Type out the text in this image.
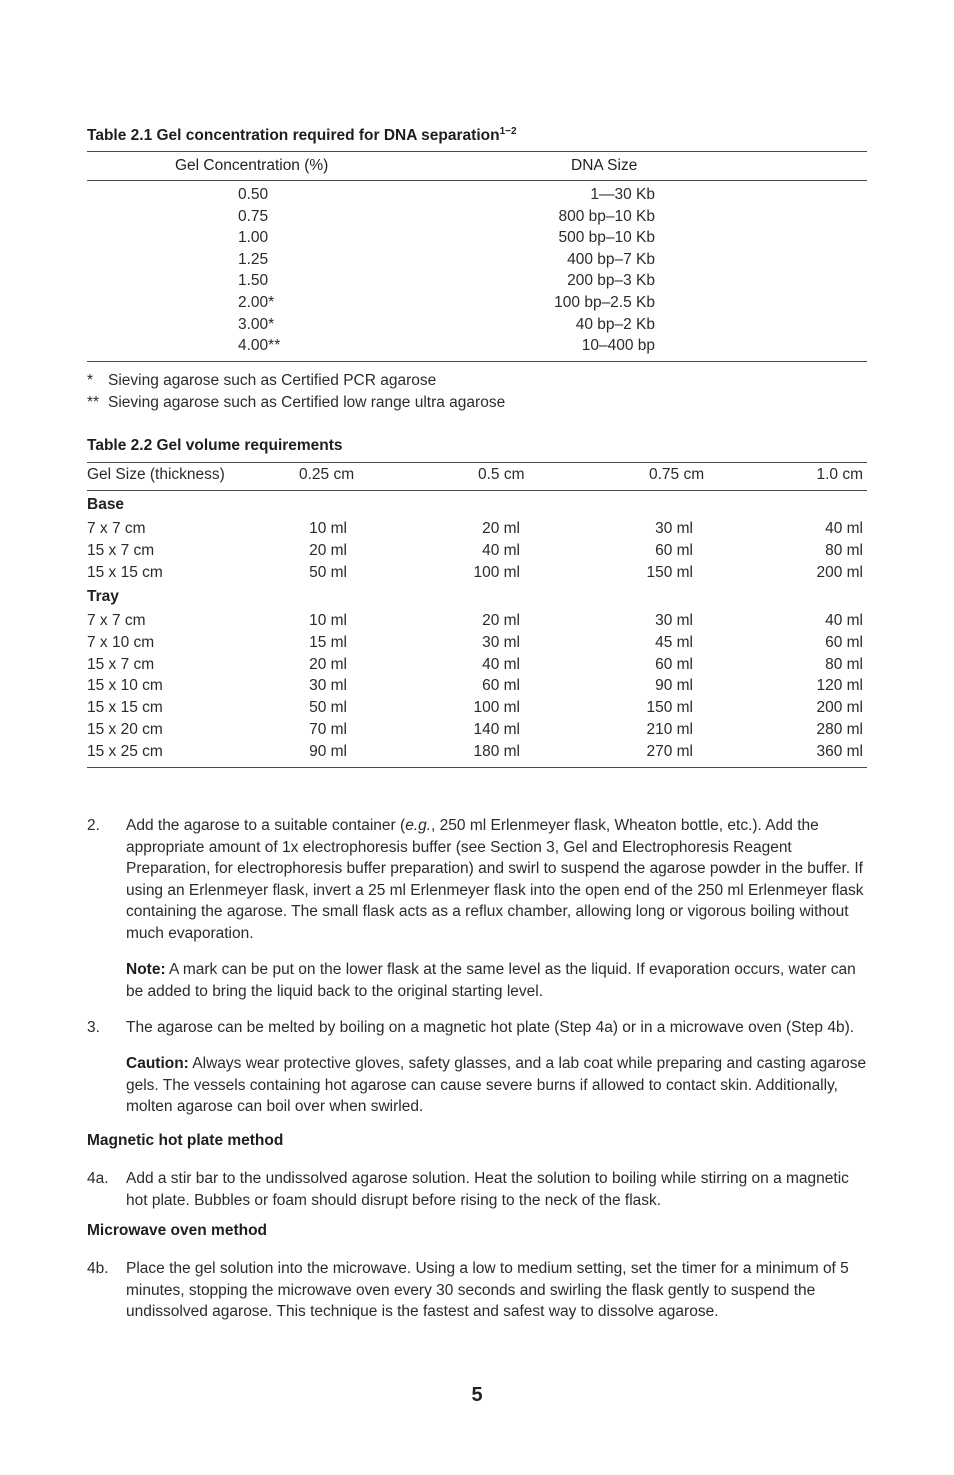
Table 2.1 Gel concentration required for DNA separation$^{1-2}$
Gel Concentration (%)	DNA Size
0.50	1—30 Kb
0.75	800 bp–10 Kb
1.00	500 bp–10 Kb
1.25	400 bp–7 Kb
1.50	200 bp–3 Kb
2.00*	100 bp–2.5 Kb
3.00*	40 bp–2 Kb
4.00**	10–400 bp
* Sieving agarose such as Certified PCR agarose
** Sieving agarose such as Certified low range ultra agarose
Table 2.2 Gel volume requirements
Gel Size (thickness)	0.25 cm	0.5 cm	0.75 cm	1.0 cm
Base
7 x 7 cm	10 ml	20 ml	30 ml	40 ml
15 x 7 cm	20 ml	40 ml	60 ml	80 ml
15 x 15 cm	50 ml	100 ml	150 ml	200 ml
Tray
7 x 7 cm	10 ml	20 ml	30 ml	40 ml
7 x 10 cm	15 ml	30 ml	45 ml	60 ml
15 x 7 cm	20 ml	40 ml	60 ml	80 ml
15 x 10 cm	30 ml	60 ml	90 ml	120 ml
15 x 15 cm	50 ml	100 ml	150 ml	200 ml
15 x 20 cm	70 ml	140 ml	210 ml	280 ml
15 x 25 cm	90 ml	180 ml	270 ml	360 ml
2. Add the agarose to a suitable container (e.g., 250 ml Erlenmeyer flask, Wheaton bottle, etc.). Add the appropriate amount of 1x electrophoresis buffer (see Section 3, Gel and Electrophoresis Reagent Preparation, for electrophoresis buffer preparation) and swirl to suspend the agarose powder in the buffer. If using an Erlenmeyer flask, invert a 25 ml Erlenmeyer flask into the open end of the 250 ml Erlenmeyer flask containing the agarose. The small flask acts as a reflux chamber, allowing long or vigorous boiling without much evaporation.
Note: A mark can be put on the lower flask at the same level as the liquid. If evaporation occurs, water can be added to bring the liquid back to the original starting level.
3. The agarose can be melted by boiling on a magnetic hot plate (Step 4a) or in a microwave oven (Step 4b).
Caution: Always wear protective gloves, safety glasses, and a lab coat while preparing and casting agarose gels. The vessels containing hot agarose can cause severe burns if allowed to contact skin. Additionally, molten agarose can boil over when swirled.
Magnetic hot plate method
4a. Add a stir bar to the undissolved agarose solution. Heat the solution to boiling while stirring on a magnetic hot plate. Bubbles or foam should disrupt before rising to the neck of the flask.
Microwave oven method
4b. Place the gel solution into the microwave. Using a low to medium setting, set the timer for a minimum of 5 minutes, stopping the microwave oven every 30 seconds and swirling the flask gently to suspend the undissolved agarose. This technique is the fastest and safest way to dissolve agarose.
5
